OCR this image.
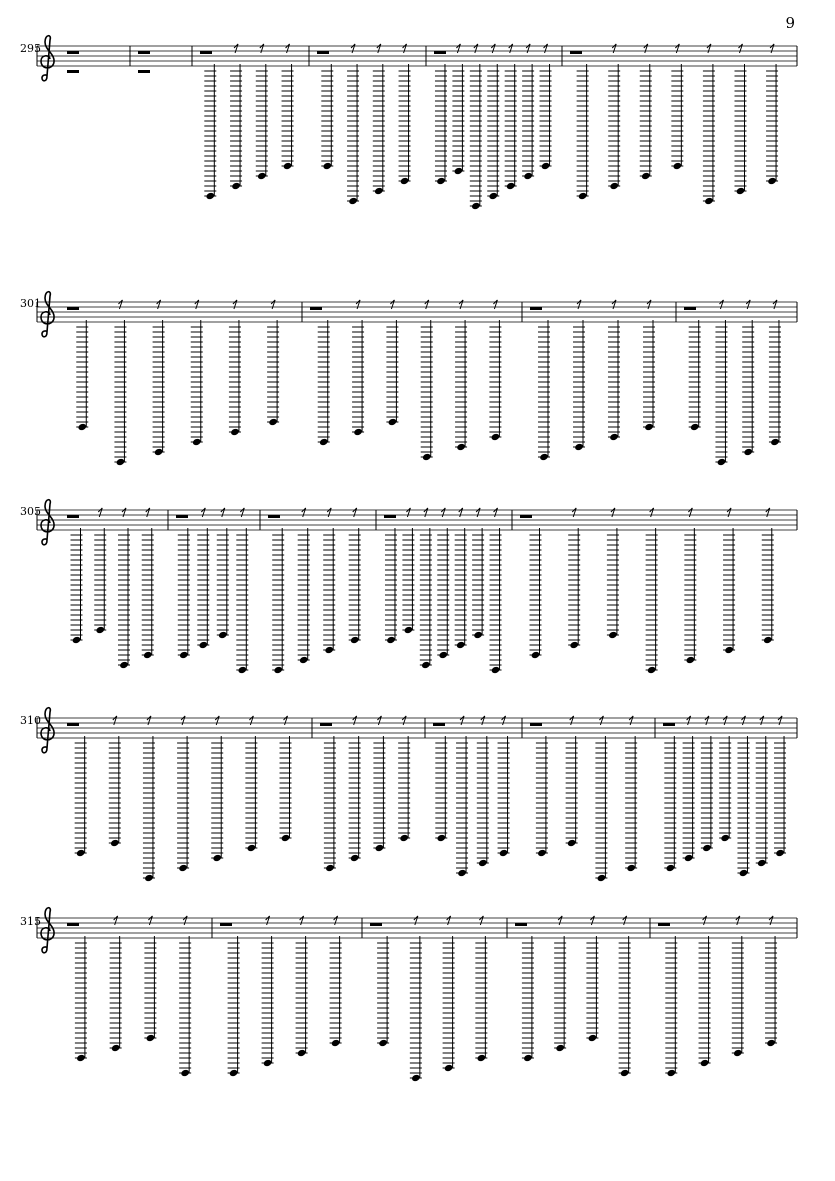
9
295
301
305
310
315
